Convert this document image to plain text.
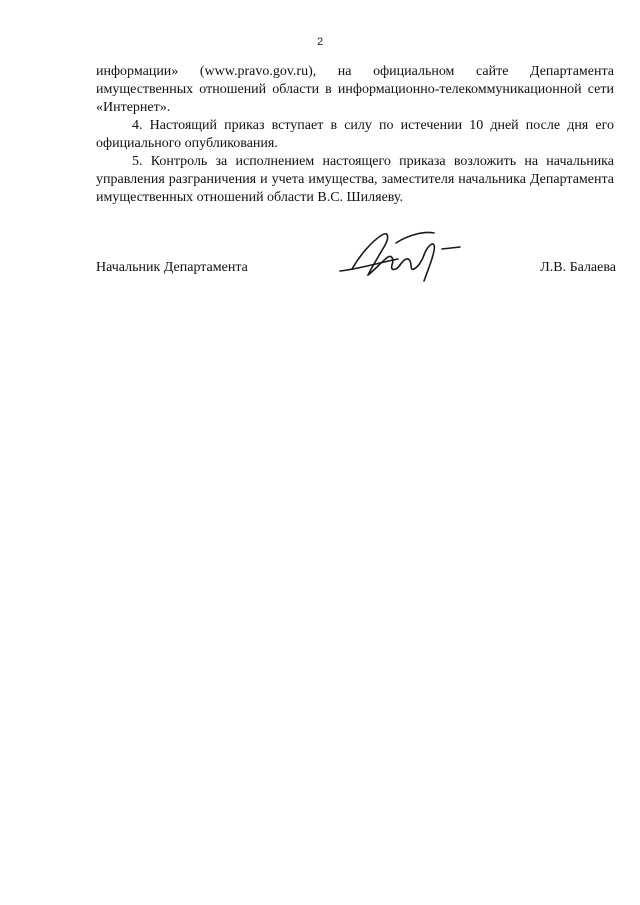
2

информации» (www.pravo.gov.ru), на официальном сайте Департамента имущественных отношений области в информационно-телекоммуникационной сети «Интернет».

4. Настоящий приказ вступает в силу по истечении 10 дней после дня его официального опубликования.

5. Контроль за исполнением настоящего приказа возложить на начальника управления разграничения и учета имущества, заместителя начальника Департамента имущественных отношений области В.С. Шиляеву.

Начальник Департамента	Л.В. Балаева
